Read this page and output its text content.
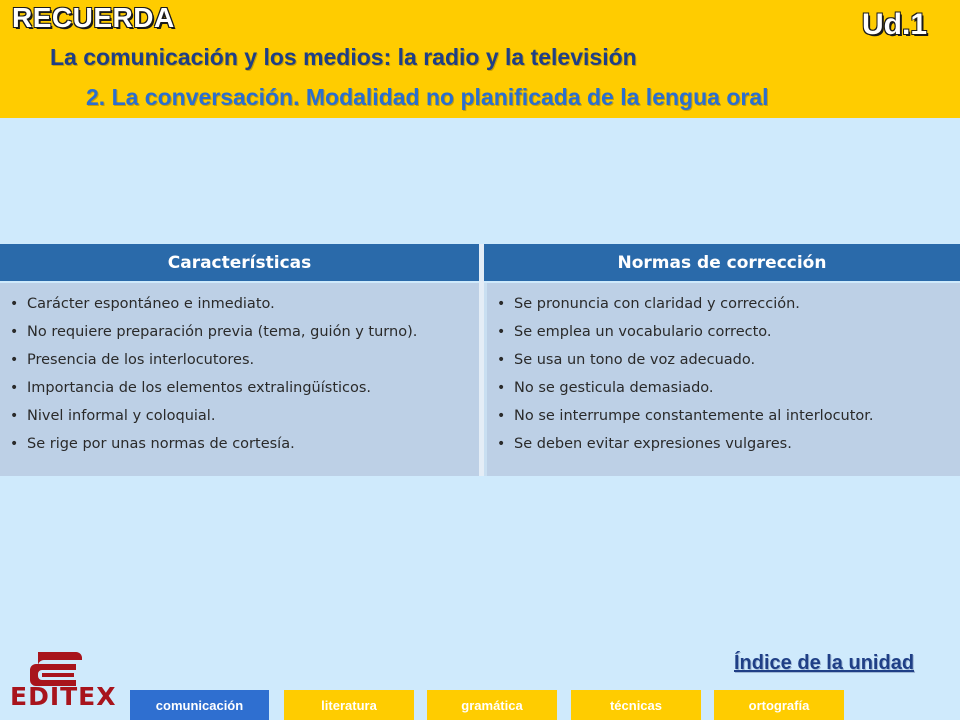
RECUERDA	Ud.1
La comunicación y los medios: la radio y la televisión
2. La conversación. Modalidad no planificada de la lengua oral
Características
• Carácter espontáneo e inmediato.
• No requiere preparación previa (tema, guión y turno).
• Presencia de los interlocutores.
• Importancia de los elementos extralingüísticos.
• Nivel informal y coloquial.
• Se rige por unas normas de cortesía.
Normas de corrección
• Se pronuncia con claridad y corrección.
• Se emplea un vocabulario correcto.
• Se usa un tono de voz adecuado.
• No se gesticula demasiado.
• No se interrumpe constantemente al interlocutor.
• Se deben evitar expresiones vulgares.
Índice de la unidad
EDITEX	comunicación	literatura	gramática	técnicas	ortografía
